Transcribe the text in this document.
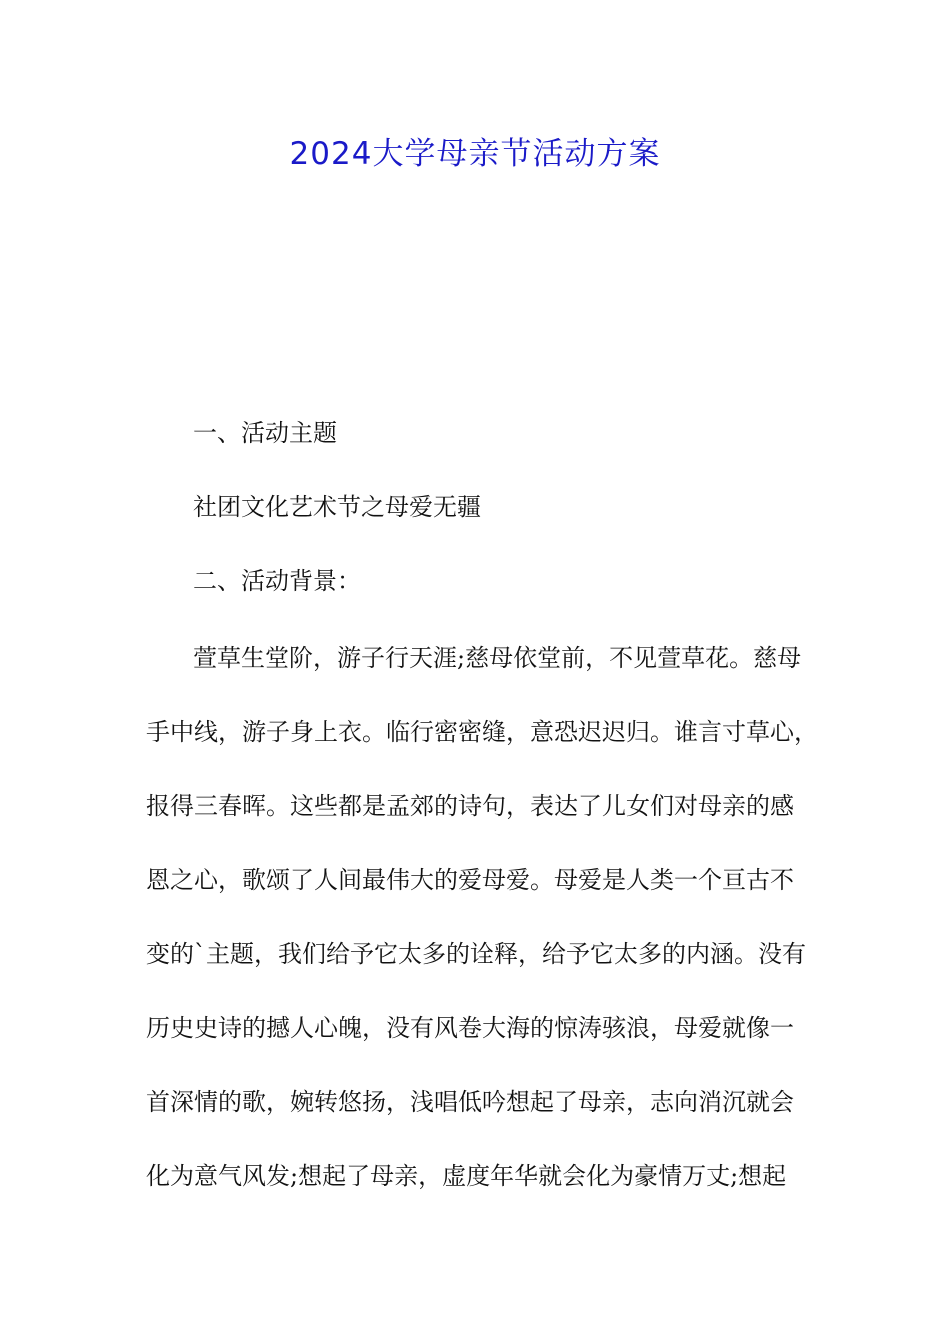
2024大学母亲节活动方案
一、活动主题
社团文化艺术节之母爱无疆
二、活动背景：
萱草生堂阶，游子行天涯;慈母依堂前，不见萱草花。慈母
手中线，游子身上衣。临行密密缝，意恐迟迟归。谁言寸草心，
报得三春晖。这些都是孟郊的诗句，表达了儿女们对母亲的感
恩之心，歌颂了人间最伟大的爱母爱。母爱是人类一个亘古不
变的`主题，我们给予它太多的诠释，给予它太多的内涵。没有
历史史诗的撼人心魄，没有风卷大海的惊涛骇浪，母爱就像一
首深情的歌，婉转悠扬，浅唱低吟想起了母亲，志向消沉就会
化为意气风发;想起了母亲，虚度年华就会化为豪情万丈;想起
